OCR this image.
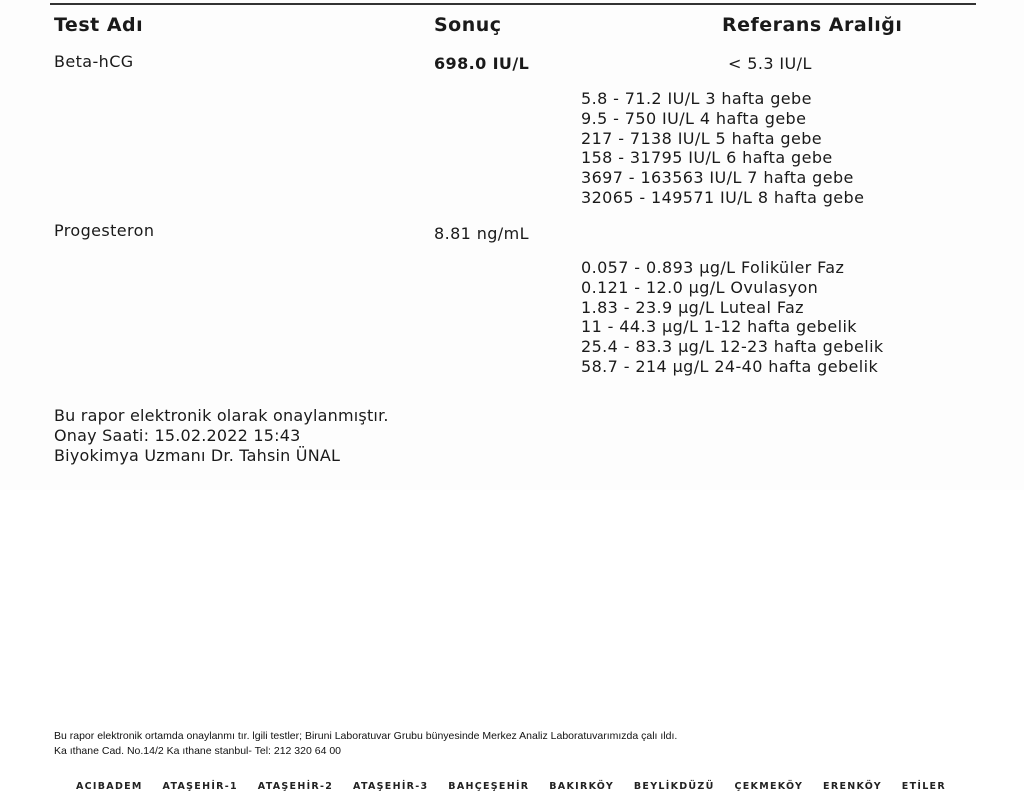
Test Adı	Sonuç	Referans Aralığı
Beta-hCG	698.0 IU/L	< 5.3 IU/L
5.8 - 71.2 IU/L 3 hafta gebe
9.5 - 750 IU/L 4 hafta gebe
217 - 7138 IU/L 5 hafta gebe
158 - 31795 IU/L 6 hafta gebe
3697 - 163563 IU/L 7 hafta gebe
32065 - 149571 IU/L 8 hafta gebe
Progesteron	8.81 ng/mL
0.057 - 0.893 µg/L Foliküler Faz
0.121 - 12.0 µg/L Ovulasyon
1.83 - 23.9 µg/L Luteal Faz
11 - 44.3 µg/L 1-12 hafta gebelik
25.4 - 83.3 µg/L 12-23 hafta gebelik
58.7 - 214 µg/L 24-40 hafta gebelik
Bu rapor elektronik olarak onaylanmıştır.
Onay Saati: 15.02.2022 15:43
Biyokimya Uzmanı Dr. Tahsin ÜNAL
Bu rapor elektronik ortamda onaylanmı tır. lgili testler; Biruni Laboratuvar Grubu bünyesinde Merkez Analiz Laboratuvarımızda çalı ıldı.
Ka ıthane Cad. No.14/2 Ka ıthane stanbul- Tel: 212 320 64 00
ACIBADEM ATAŞEHİR-1 ATAŞEHİR-2 ATAŞEHİR-3 BAHÇEŞEHİR BAKIRKÖY BEYLİKDÜZÜ ÇEKMEKÖY ERENKÖY ETİLER
